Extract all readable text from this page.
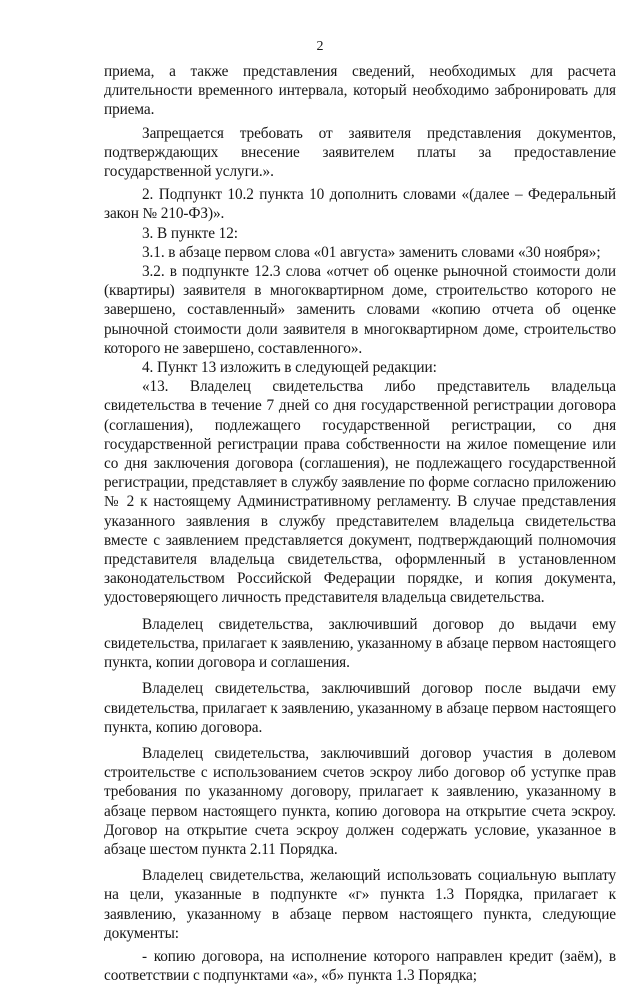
2

приема, а также представления сведений, необходимых для расчета длительности временного интервала, который необходимо забронировать для приема.

Запрещается требовать от заявителя представления документов, подтверждающих внесение заявителем платы за предоставление государственной услуги.».

2. Подпункт 10.2 пункта 10 дополнить словами «(далее – Федеральный закон № 210-ФЗ)».

3. В пункте 12:

3.1. в абзаце первом слова «01 августа» заменить словами «30 ноября»;

3.2. в подпункте 12.3 слова «отчет об оценке рыночной стоимости доли (квартиры) заявителя в многоквартирном доме, строительство которого не завершено, составленный» заменить словами «копию отчета об оценке рыночной стоимости доли заявителя в многоквартирном доме, строительство которого не завершено, составленного».

4. Пункт 13 изложить в следующей редакции:

«13. Владелец свидетельства либо представитель владельца свидетельства в течение 7 дней со дня государственной регистрации договора (соглашения), подлежащего государственной регистрации, со дня государственной регистрации права собственности на жилое помещение или со дня заключения договора (соглашения), не подлежащего государственной регистрации, представляет в службу заявление по форме согласно приложению № 2 к настоящему Административному регламенту. В случае представления указанного заявления в службу представителем владельца свидетельства вместе с заявлением представляется документ, подтверждающий полномочия представителя владельца свидетельства, оформленный в установленном законодательством Российской Федерации порядке, и копия документа, удостоверяющего личность представителя владельца свидетельства.

Владелец свидетельства, заключивший договор до выдачи ему свидетельства, прилагает к заявлению, указанному в абзаце первом настоящего пункта, копии договора и соглашения.

Владелец свидетельства, заключивший договор после выдачи ему свидетельства, прилагает к заявлению, указанному в абзаце первом настоящего пункта, копию договора.

Владелец свидетельства, заключивший договор участия в долевом строительстве с использованием счетов эскроу либо договор об уступке прав требования по указанному договору, прилагает к заявлению, указанному в абзаце первом настоящего пункта, копию договора на открытие счета эскроу. Договор на открытие счета эскроу должен содержать условие, указанное в абзаце шестом пункта 2.11 Порядка.

Владелец свидетельства, желающий использовать социальную выплату на цели, указанные в подпункте «г» пункта 1.3 Порядка, прилагает к заявлению, указанному в абзаце первом настоящего пункта, следующие документы:

- копию договора, на исполнение которого направлен кредит (заём), в соответствии с подпунктами «а», «б» пункта 1.3 Порядка;
